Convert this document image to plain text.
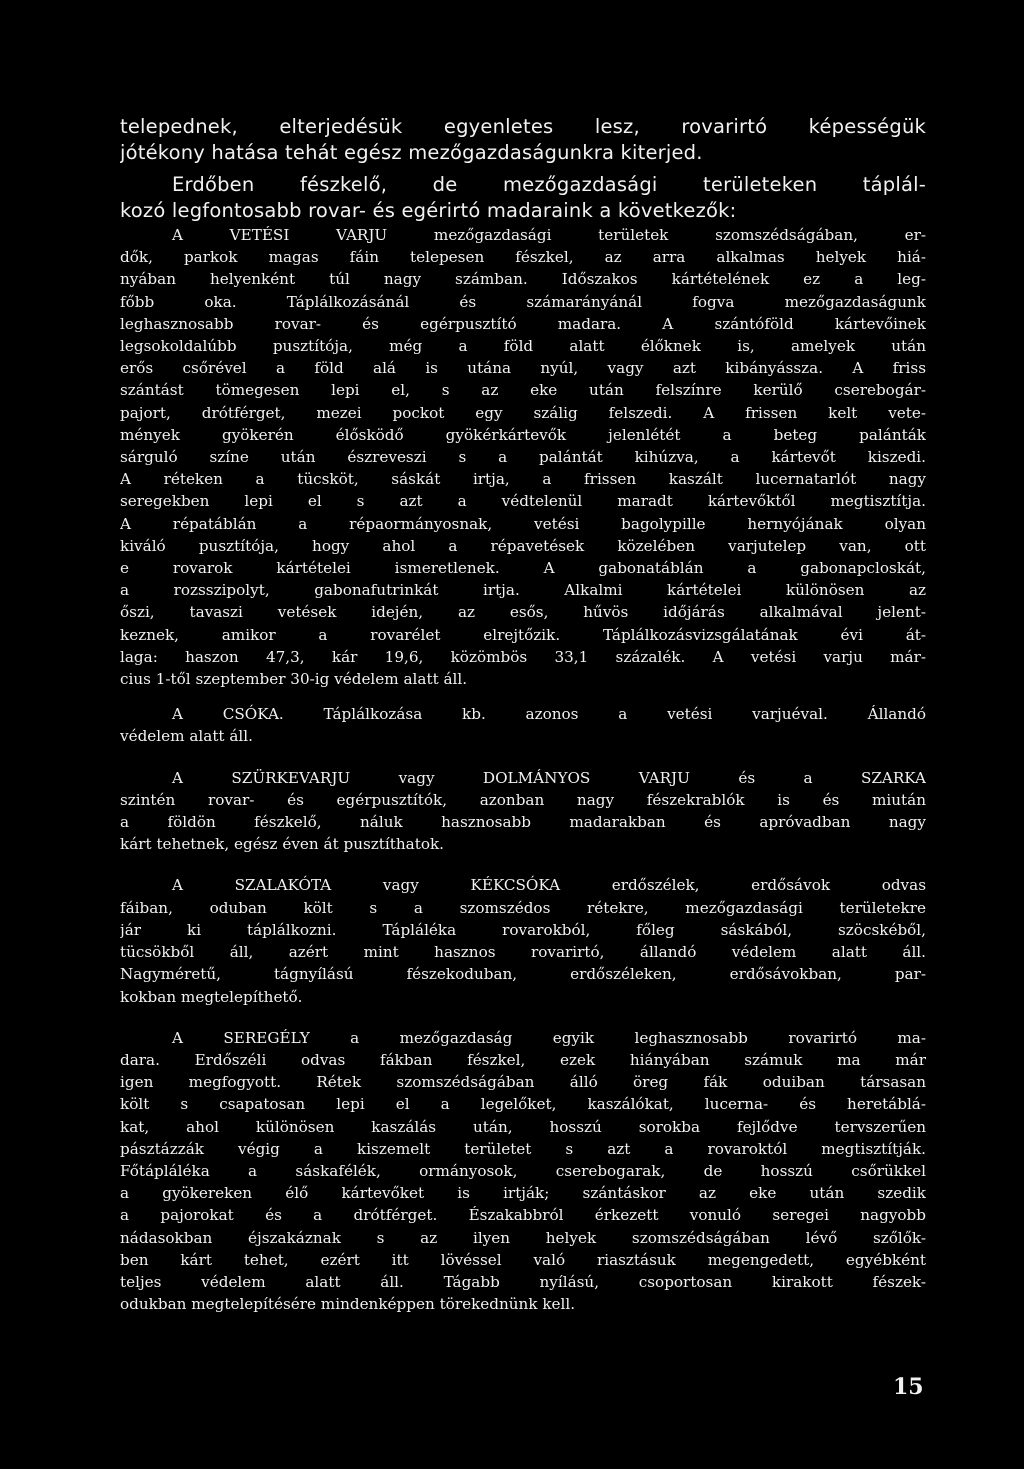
telepednek, elterjedésük egyenletes lesz, rovarirtó képességük
jótékony hatása tehát egész mezőgazdaságunkra kiterjed.
Erdőben fészkelő, de mezőgazdasági területeken táplál-
kozó legfontosabb rovar- és egérirtó madaraink a következők:
A VETÉSI VARJU mezőgazdasági területek szomszédságában, er-
dők, parkok magas fáin telepesen fészkel, az arra alkalmas helyek hiá-
nyában helyenként túl nagy számban. Időszakos kártételének ez a leg-
főbb oka. Táplálkozásánál és számarányánál fogva mezőgazdaságunk
leghasznosabb rovar- és egérpusztító madara. A szántóföld kártevőinek
legsokoldalúbb pusztítója, még a föld alatt élőknek is, amelyek után
erős csőrével a föld alá is utána nyúl, vagy azt kibányássza. A friss
szántást tömegesen lepi el, s az eke után felszínre kerülő cserebogár-
pajort, drótférget, mezei pockot egy szálig felszedi. A frissen kelt vete-
mények gyökerén élősködő gyökérkártevők jelenlétét a beteg palánták
sárguló színe után észreveszi s a palántát kihúzva, a kártevőt kiszedi.
A réteken a tücsköt, sáskát irtja, a frissen kaszált lucernatarlót nagy
seregekben lepi el s azt a védtelenül maradt kártevőktől megtisztítja.
A répatáblán a répaormányosnak, vetési bagolypille hernyójának olyan
kiváló pusztítója, hogy ahol a répavetések közelében varjutelep van, ott
e rovarok kártételei ismeretlenek. A gabonatáblán a gabonapcloskát,
a rozsszipolyt, gabonafutrinkát irtja. Alkalmi kártételei különösen az
őszi, tavaszi vetések idején, az esős, hűvös időjárás alkalmával jelent-
keznek, amikor a rovarélet elrejtőzik. Táplálkozásvizsgálatának évi át-
laga: haszon 47,3, kár 19,6, közömbös 33,1 százalék. A vetési varju már-
cius 1-től szeptember 30-ig védelem alatt áll.
A CSÓKA. Táplálkozása kb. azonos a vetési varjuéval. Állandó
védelem alatt áll.
A SZÜRKEVARJU vagy DOLMÁNYOS VARJU és a SZARKA
szintén rovar- és egérpusztítók, azonban nagy fészekrablók is és miután
a földön fészkelő, náluk hasznosabb madarakban és apróvadban nagy
kárt tehetnek, egész éven át pusztíthatok.
A SZALAKÓTA vagy KÉKCSÓKA erdőszélek, erdősávok odvas
fáiban, oduban költ s a szomszédos rétekre, mezőgazdasági területekre
jár ki táplálkozni. Tápláléka rovarokból, főleg sáskából, szöcskéből,
tücsökből áll, azért mint hasznos rovarirtó, állandó védelem alatt áll.
Nagyméretű, tágnyílású fészekoduban, erdőszéleken, erdősávokban, par-
kokban megtelepíthető.
A SEREGÉLY a mezőgazdaság egyik leghasznosabb rovarirtó ma-
dara. Erdőszéli odvas fákban fészkel, ezek hiányában számuk ma már
igen megfogyott. Rétek szomszédságában álló öreg fák oduiban társasan
költ s csapatosan lepi el a legelőket, kaszálókat, lucerna- és heretáblá-
kat, ahol különösen kaszálás után, hosszú sorokba fejlődve tervszerűen
pásztázzák végig a kiszemelt területet s azt a rovaroktól megtisztítják.
Főtápláléka a sáskafélék, ormányosok, cserebogarak, de hosszú csőrükkel
a gyökereken élő kártevőket is irtják; szántáskor az eke után szedik
a pajorokat és a drótférget. Északabbról érkezett vonuló seregei nagyobb
nádasokban éjszakáznak s az ilyen helyek szomszédságában lévő szőlők-
ben kárt tehet, ezért itt lövéssel való riasztásuk megengedett, egyébként
teljes védelem alatt áll. Tágabb nyílású, csoportosan kirakott fészek-
odukban megtelepítésére mindenképpen törekednünk kell.
15
